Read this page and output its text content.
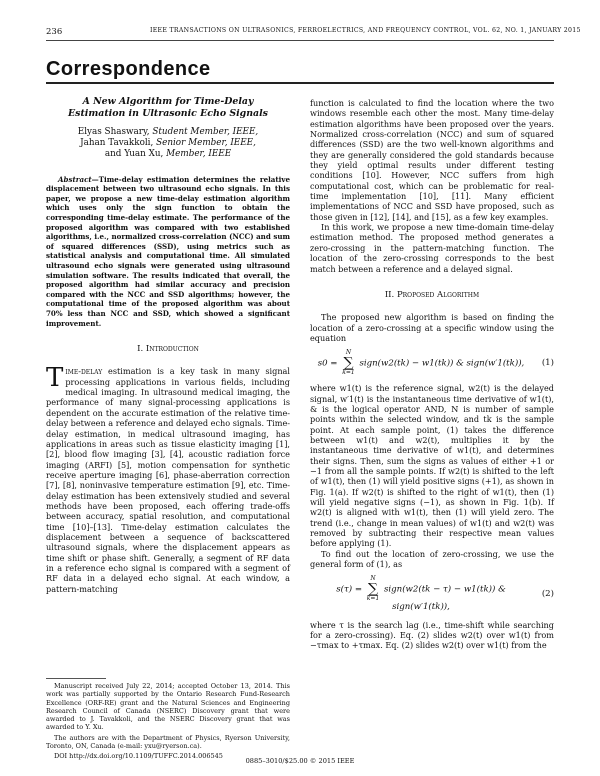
236	IEEE TRANSACTIONS ON ULTRASONICS, FERROELECTRICS, AND FREQUENCY CONTROL, VOL. 62, NO. 1, JANUARY 2015
Correspondence
A New Algorithm for Time-Delay
Estimation in Ultrasonic Echo Signals
Elyas Shaswary, Student Member, IEEE,
Jahan Tavakkoli, Senior Member, IEEE,
and Yuan Xu, Member, IEEE
Abstract—Time-delay estimation determines the relative displacement between two ultrasound echo signals. In this paper, we propose a new time-delay estimation algorithm which uses only the sign function to obtain the corresponding time-delay estimate. The performance of the proposed algorithm was compared with two established algorithms, i.e., normalized cross-correlation (NCC) and sum of squared differences (SSD), using metrics such as statistical analysis and computational time. All simulated ultrasound echo signals were generated using ultrasound simulation software. The results indicated that overall, the proposed algorithm had similar accuracy and precision compared with the NCC and SSD algorithms; however, the computational time of the proposed algorithm was about 70% less than NCC and SSD, which showed a significant improvement.
I. Introduction

Time-delay estimation is a key task in many signal processing applications in various fields, including medical imaging. In ultrasound medical imaging, the performance of many signal-processing applications is dependent on the accurate estimation of the relative time-delay between a reference and delayed echo signals. Time-delay estimation, in medical ultrasound imaging, has applications in areas such as tissue elasticity imaging [1], [2], blood flow imaging [3], [4], acoustic radiation force imaging (ARFI) [5], motion compensation for synthetic receive aperture imaging [6], phase-aberration correction [7], [8], noninvasive temperature estimation [9], etc. Time-delay estimation has been extensively studied and several methods have been proposed, each offering trade-offs between accuracy, spatial resolution, and computational time [10]–[13]. Time-delay estimation calculates the displacement between a sequence of backscattered ultrasound signals, where the displacement appears as time shift or phase shift. Generally, a segment of RF data in a reference echo signal is compared with a segment of RF data in a delayed echo signal. At each window, a pattern-matching

Manuscript received July 22, 2014; accepted October 13, 2014. This work was partially supported by the Ontario Research Fund-Research Excellence (ORF-RE) grant and the Natural Sciences and Engineering Research Council of Canada (NSERC) Discovery grant that were awarded to J. Tavakkoli, and the NSERC Discovery grant that was awarded to Y. Xu.

The authors are with the Department of Physics, Ryerson University, Toronto, ON, Canada (e-mail: yxu@ryerson.ca).

DOI http://dx.doi.org/10.1109/TUFFC.2014.006545

function is calculated to find the location where the two windows resemble each other the most. Many time-delay estimation algorithms have been proposed over the years. Normalized cross-correlation (NCC) and sum of squared differences (SSD) are the two well-known algorithms and they are generally considered the gold standards because they yield optimal results under different testing conditions [10]. However, NCC suffers from high computational cost, which can be problematic for real-time implementation [10], [11]. Many efficient implementations of NCC and SSD have proposed, such as those given in [12], [14], and [15], as a few key examples.

In this work, we propose a new time-domain time-delay estimation method. The proposed method generates a zero-crossing in the pattern-matching function. The location of the zero-crossing corresponds to the best match between a reference and a delayed signal.

II. Proposed Algorithm

The proposed new algorithm is based on finding the location of a zero-crossing at a specific window using the equation

s0 =
N
∑
k=1
sign(w2(tk) − w1(tk)) & sign(w′1(tk)),	(1)

where w1(t) is the reference signal, w2(t) is the delayed signal, w′1(t) is the instantaneous time derivative of w1(t), & is the logical operator AND, N is number of sample points within the selected window, and tk is the sample point. At each sample point, (1) takes the difference between w1(t) and w2(t), multiplies it by the instantaneous time derivative of w1(t), and determines their signs. Then, sum the signs as values of either +1 or −1 from all the sample points. If w2(t) is shifted to the left of w1(t), then (1) will yield positive signs (+1), as shown in Fig. 1(a). If w2(t) is shifted to the right of w1(t), then (1) will yield negative signs (−1), as shown in Fig. 1(b). If w2(t) is aligned with w1(t), then (1) will yield zero. The trend (i.e., change in mean values) of w1(t) and w2(t) was removed by subtracting their respective mean values before applying (1).

To find out the location of zero-crossing, we use the general form of (1), as

s(τ) =
N
∑
k=1
sign(w2(tk − τ) − w1(tk)) & sign(w′1(tk)),
(2)

where τ is the search lag (i.e., time-shift while searching for a zero-crossing). Eq. (2) slides w2(t) over w1(t) from −τmax to +τmax. Eq. (2) slides w2(t) over w1(t) from the

0885–3010/$25.00 © 2015 IEEE
